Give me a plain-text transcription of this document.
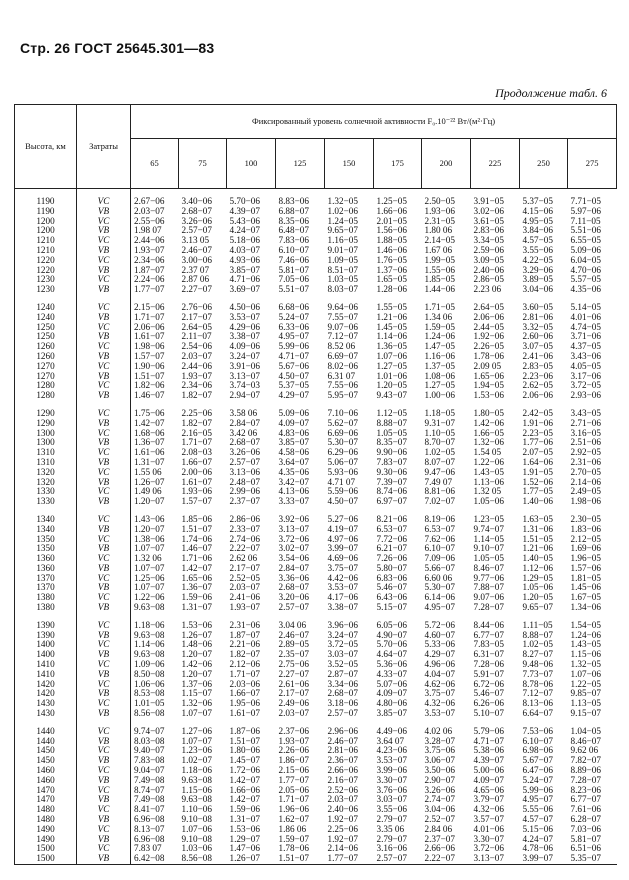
Стр. 26 ГОСТ 25645.301—83
Продолжение табл. 6
Высота, км	Затраты	Фиксированный уровень солнечной активности F₀.10⁻²² Вт/(м²·Гц)									
		65	75	100	125	150	175	200	225	250	275
1190	VC	2.67−06	3.40−06	5.70−06	8.83−06	1.32−05	1.25−05	2.50−05	3.91−05	5.37−05	7.71−05
1190	VB	2.03−07	2.68−07	4.39−07	6.88−07	1.02−06	1.66−06	1.93−06	3.02−06	4.15−06	5.97−06
1200	VC	2.55−06	3.26−06	5.43−06	8.35−06	1.24−05	2.01−05	2.31−05	3.61−05	4.95−05	7.11−05
1200	VB	1.98 07	2.57−07	4.24−07	6.48−07	9.65−07	1.56−06	1.80 06	2.83−06	3.84−06	5.51−06
1210	VC	2.44−06	3.13 05	5.18−06	7.83−06	1.16−05	1.88−05	2.14−05	3.34−05	4.57−05	6.55−05
1210	VB	1.93−07	2.46−07	4.03−07	6.10−07	9.01−07	1.46−06	1.67 06	2.59−06	3.55−06	5.09−06
1220	VC	2.34−06	3.00−06	4.93−06	7.46−06	1.09−05	1.76−05	1.99−05	3.09−05	4.22−05	6.04−05
1220	VB	1.87−07	2.37 07	3.85−07	5.81−07	8.51−07	1.37−06	1.55−06	2.40−06	3.29−06	4.70−06
1230	VC	2.24−06	2.87 06	4.71−06	7.05−06	1.03−05	1.65−05	1.85−05	2.86−05	3.89−05	5.57−05
1230	VB	1.77−07	2.27−07	3.69−07	5.51−07	8.03−07	1.28−06	1.44−06	2.23 06	3.04−06	4.35−06

1240	VC	2.15−06	2.76−06	4.50−06	6.68−06	9.64−06	1.55−05	1.71−05	2.64−05	3.60−05	5.14−05
1240	VB	1.71−07	2.17−07	3.53−07	5.24−07	7.55−07	1.21−06	1.34 06	2.06−06	2.81−06	4.01−06
1250	VC	2.06−06	2.64−05	4.29−06	6.33−06	9.07−06	1.45−05	1.59−05	2.44−05	3.32−05	4.74−05
1250	VB	1.61−07	2.11−07	3.38−07	4.95−07	7.12−07	1.14−06	1.24−06	1.92−06	2.60−06	3.71−06
1260	VC	1.98−06	2.54−06	4.09−06	5.99−06	8.52 06	1.36−05	1.47−05	2.26−05	3.07−05	4.37−05
1260	VB	1.57−07	2.03−07	3.24−07	4.71−07	6.69−07	1.07−06	1.16−06	1.78−06	2.41−06	3.43−06
1270	VC	1.90−06	2.44−06	3.91−06	5.67−06	8.02−06	1.27−05	1.37−05	2.09 05	2.83−05	4.05−05
1270	VB	1.51−07	1.93−07	3.13−07	4.50−07	6.31 07	1.01−06	1.08−06	1.65−06	2.23−06	3.17−06
1280	VC	1.82−06	2.34−06	3.74−03	5.37−05	7.55−06	1.20−05	1.27−05	1.94−05	2.62−05	3.72−05
1280	VB	1.46−07	1.82−07	2.94−07	4.29−07	5.95−07	9.43−07	1.00−06	1.53−06	2.06−06	2.93−06

1290	VC	1.75−06	2.25−06	3.58 06	5.09−06	7.10−06	1.12−05	1.18−05	1.80−05	2.42−05	3.43−05
1290	VB	1.42−07	1.82−07	2.84−07	4.09−07	5.62−07	8.88−07	9.31−07	1.42−06	1.91−06	2.71−06
1300	VC	1.68−06	2.16−05	3.42 06	4.83−06	6.69−06	1.05−05	1.10−05	1.66−05	2.23−05	3.16−05
1300	VB	1.36−07	1.71−07	2.68−07	3.85−07	5.30−07	8.35−07	8.70−07	1.32−06	1.77−06	2.51−06
1310	VC	1.61−06	2.08−03	3.26−06	4.58−06	6.29−06	9.90−06	1.02−05	1.54 05	2.07−05	2.92−05
1310	VB	1.31−07	1.66−07	2.57−07	3.64−07	5.06−07	7.83−07	8.07−07	1.22−06	1.64−06	2.31−06
1320	VC	1.55 06	2.00−06	3.13−06	4.35−06	5.93−06	9.30−06	9.47−06	1.43−05	1.91−05	2.70−05
1320	VB	1.26−07	1.61−07	2.48−07	3.42−07	4.71 07	7.39−07	7.49 07	1.13−06	1.52−06	2.14−06
1330	VC	1.49 06	1.93−06	2.99−06	4.13−06	5.59−06	8.74−06	8.81−06	1.32 05	1.77−05	2.49−05
1330	VB	1.20−07	1.57−07	2.37−07	3.33−07	4.50−07	6.97−07	7.02−07	1.05−06	1.40−06	1.98−06

1340	VC	1.43−06	1.85−06	2.86−06	3.92−06	5.27−06	8.21−06	8.19−06	1.23−05	1.63−05	2.30−05
1340	VB	1.20−07	1.51−07	2.33−07	3.13−07	4.19−07	6.53−07	6.53−07	9.74−07	1.31−06	1.83−06
1350	VC	1.38−06	1.74−06	2.74−06	3.72−06	4.97−06	7.72−06	7.62−06	1.14−05	1.51−05	2.12−05
1350	VB	1.07−07	1.46−07	2.22−07	3.02−07	3.99−07	6.21−07	6.10−07	9.10−07	1.21−06	1.69−06
1360	VC	1.32 06	1.71−06	2.62 06	3.54−06	4.69−06	7.26−06	7.09−06	1.05−05	1.40−05	1.96−05
1360	VB	1.07−07	1.42−07	2.17−07	2.84−07	3.75−07	5.80−07	5.66−07	8.46−07	1.12−06	1.57−06
1370	VC	1.25−06	1.65−06	2.52−05	3.36−06	4.42−06	6.83−06	6.60 06	9.77−06	1.29−05	1.81−05
1370	VB	1.07−07	1.36−07	2.03−07	2.68−07	3.53−07	5.46−07	5.30−07	7.88−07	1.05−06	1.45−06
1380	VC	1.22−06	1.59−06	2.41−06	3.20−06	4.17−06	6.43−06	6.14−06	9.07−06	1.20−05	1.67−05
1380	VB	9.63−08	1.31−07	1.93−07	2.57−07	3.38−07	5.15−07	4.95−07	7.28−07	9.65−07	1.34−06

1390	VC	1.18−06	1.53−06	2.31−06	3.04 06	3.96−06	6.05−06	5.72−06	8.44−06	1.11−05	1.54−05
1390	VB	9.63−08	1.26−07	1.87−07	2.46−07	3.24−07	4.90−07	4.60−07	6.77−07	8.88−07	1.24−06
1400	VC	1.14−06	1.48−06	2.21−06	2.89−05	3.72−05	5.70−06	5.33−06	7.83−05	1.02−05	1.43−05
1400	VB	9.63−08	1.20−07	1.82−07	2.35−07	3.03−07	4.64−07	4.29−07	6.31−07	8.27−07	1.15−06
1410	VC	1.09−06	1.42−06	2.12−06	2.75−06	3.52−05	5.36−06	4.96−06	7.28−06	9.48−06	1.32−05
1410	VB	8.50−08	1.20−07	1.71−07	2.27−07	2.87−07	4.33−07	4.04−07	5.91−07	7.73−07	1.07−06
1420	VC	1.06−06	1.37−06	2.03−06	2.61−06	3.34−06	5.07−06	4.62−06	6.72−06	8.78−06	1.22−05
1420	VB	8.53−08	1.15−07	1.66−07	2.17−07	2.68−07	4.09−07	3.75−07	5.46−07	7.12−07	9.85−07
1430	VC	1.01−05	1.32−06	1.95−06	2.49−06	3.18−06	4.80−06	4.32−06	6.26−06	8.13−06	1.13−05
1430	VB	8.56−08	1.07−07	1.61−07	2.03−07	2.57−07	3.85−07	3.53−07	5.10−07	6.64−07	9.15−07

1440	VC	9.74−07	1.27−06	1.87−06	2.37−06	2.96−06	4.49−06	4.02 06	5.79−06	7.53−06	1.04−05
1440	VB	8.03−08	1.07−07	1.51−07	1.93−07	2.46−07	3.64 07	3.28−07	4.71−07	6.10−07	8.46−07
1450	VC	9.40−07	1.23−06	1.80−06	2.26−06	2.81−06	4.23−06	3.75−06	5.38−06	6.98−06	9.62 06
1450	VB	7.83−08	1.02−07	1.45−07	1.86−07	2.36−07	3.53−07	3.06−07	4.39−07	5.67−07	7.82−07
1460	VC	9.04−07	1.18−06	1.72−06	2.15−06	2.66−06	3.99−06	3.50−06	5.00−06	6.47−06	8.89−06
1460	VB	7.49−08	9.63−08	1.42−07	1.77−07	2.16−07	3.30−07	2.90−07	4.09−07	5.24−07	7.28−07
1470	VC	8.74−07	1.15−06	1.66−06	2.05−06	2.52−06	3.76−06	3.26−06	4.65−06	5.99−06	8.23−06
1470	VB	7.49−08	9.63−08	1.42−07	1.71−07	2.03−07	3.03−07	2.74−07	3.79−07	4.95−07	6.77−07
1480	VC	8.41−07	1.10−06	1.59−06	1.96−06	2.40−06	3.55−06	3.04−06	4.32−06	5.55−06	7.61−06
1480	VB	6.96−08	9.10−08	1.31−07	1.62−07	1.92−07	2.79−07	2.52−07	3.57−07	4.57−07	6.28−07
1490	VC	8.13−07	1.07−06	1.53−06	1.86 06	2.25−06	3.35 06	2.84 06	4.01−06	5.15−06	7.03−06
1490	VB	6.96−08	9.10−08	1.29−07	1.59−07	1.92−07	2.79−07	2.37−07	3.30−07	4.24−07	5.81−07
1500	VC	7.83 07	1.03−06	1.47−06	1.78−06	2.14−06	3.16−06	2.66−06	3.72−06	4.78−06	6.51−06
1500	VB	6.42−08	8.56−08	1.26−07	1.51−07	1.77−07	2.57−07	2.22−07	3.13−07	3.99−07	5.35−07
